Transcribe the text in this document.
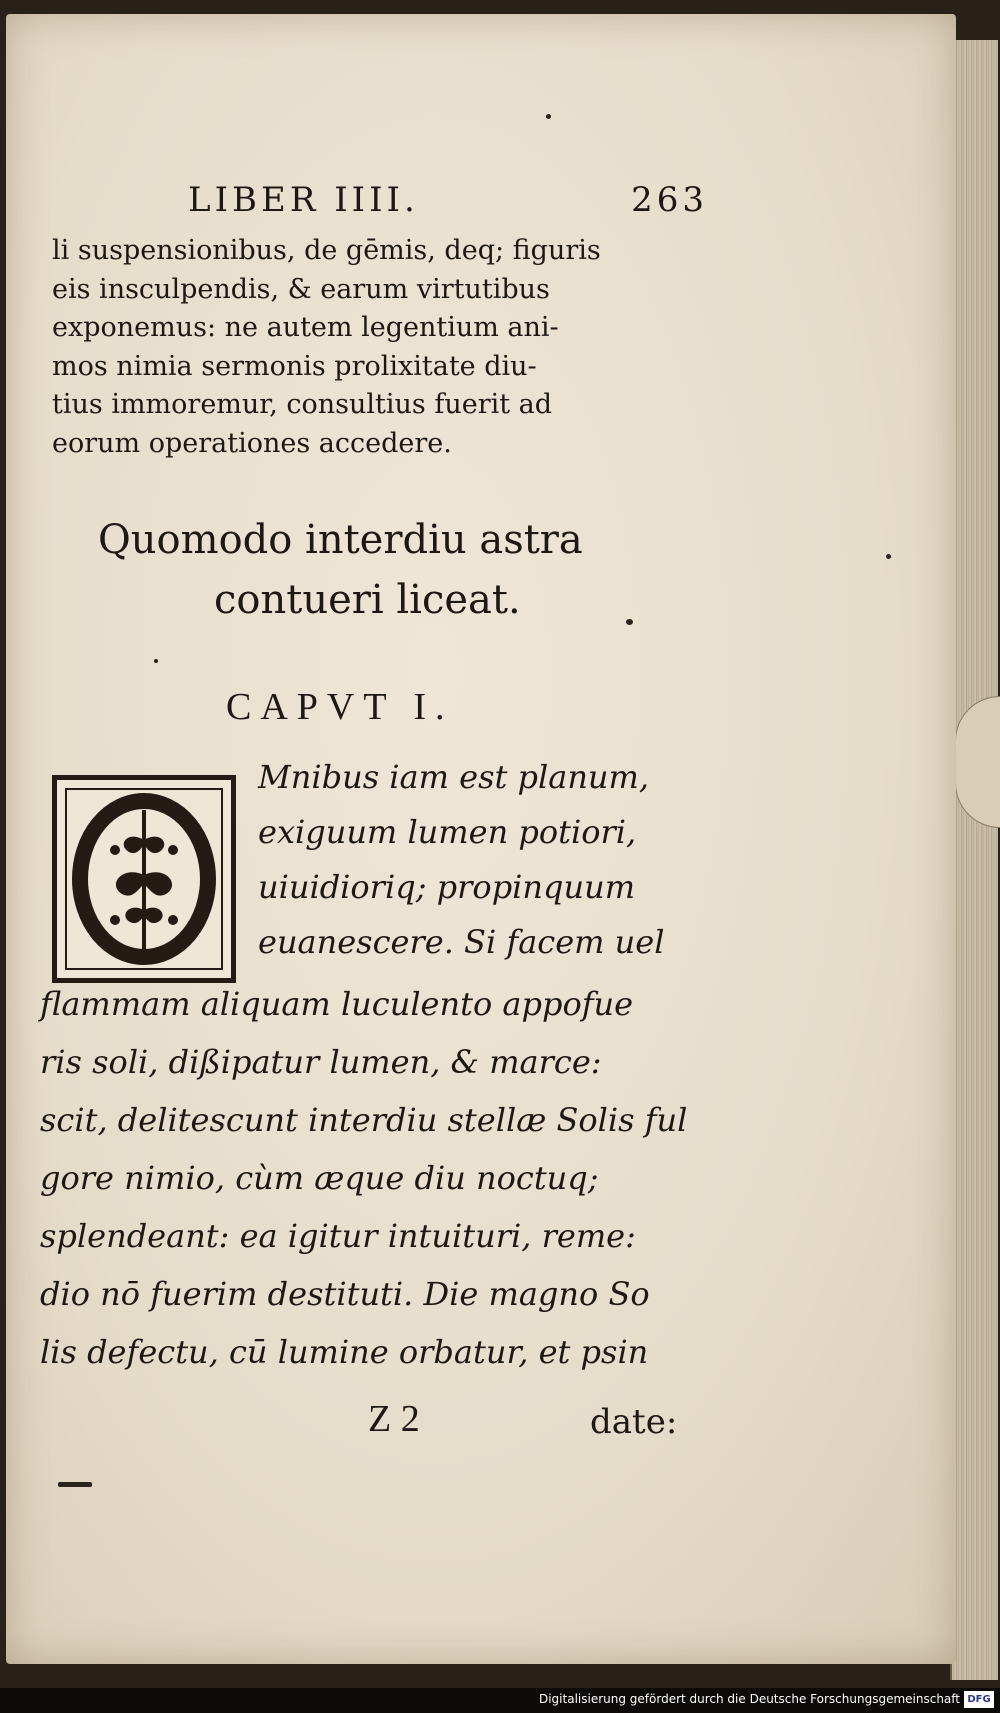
LIBER IIII.	263
li suspensionibus, de gēmis, deq; figuris
eis insculpendis, & earum virtutibus
exponemus: ne autem legentium ani-
mos nimia sermonis prolixitate diu-
tius immoremur, consultius fuerit ad
eorum operationes accedere.
Quomodo interdiu astra
contueri liceat.
CAPVT I.
Mnibus iam est planum,
exiguum lumen potiori,
uiuidioriq; propinquum
euanescere. Si facem uel
flammam aliquam luculento appofue
ris soli, dißipatur lumen, & marce:
scit, delitescunt interdiu stellæ Solis ful
gore nimio, cùm æque diu noctuq;
splendeant: ea igitur intuituri, reme:
dio nō fuerim destituti. Die magno So
lis defectu, cū lumine orbatur, et psin
Z 2	date:
Digitalisierung gefördert durch die Deutsche Forschungsgemeinschaft DFG
